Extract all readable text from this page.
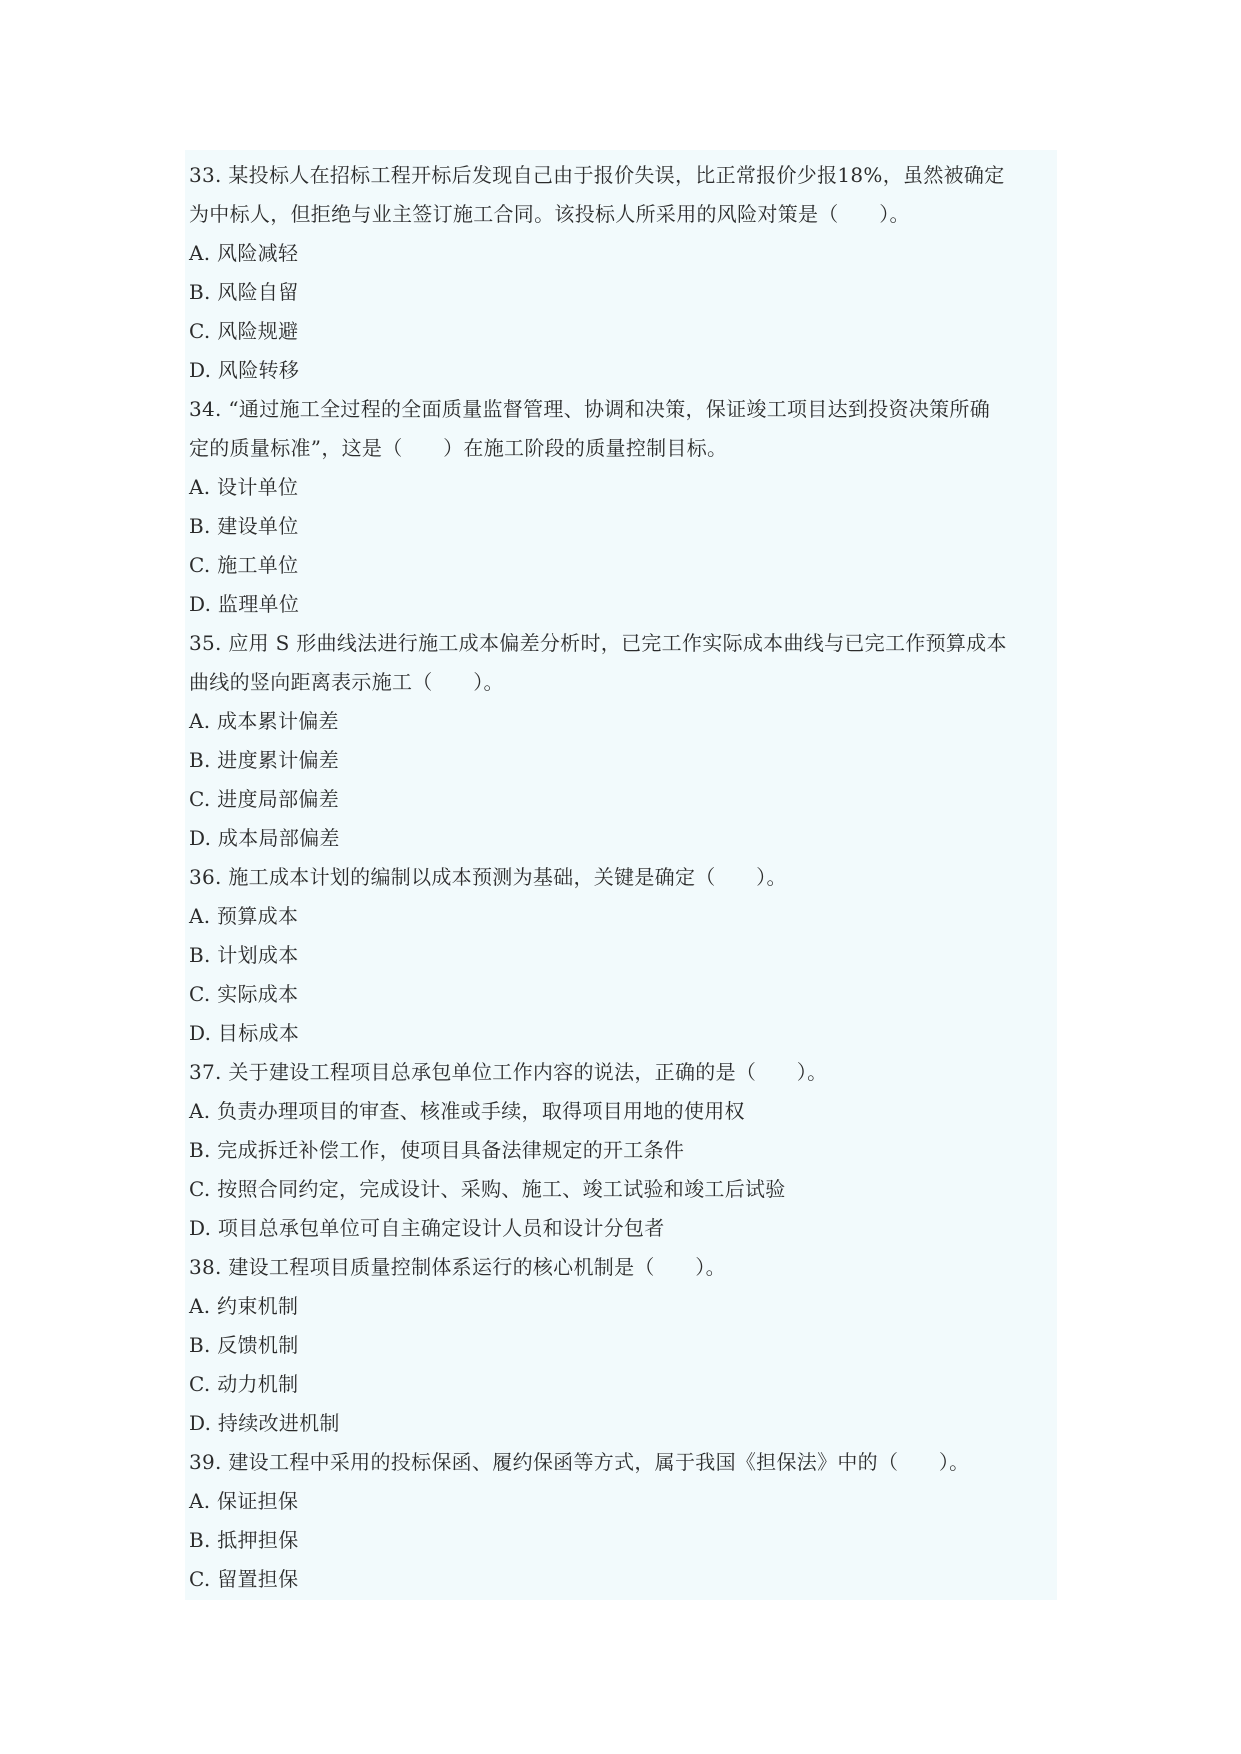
33. 某投标人在招标工程开标后发现自己由于报价失误，比正常报价少报18%，虽然被确定
为中标人，但拒绝与业主签订施工合同。该投标人所采用的风险对策是（　　）。
A. 风险减轻
B. 风险自留
C. 风险规避
D. 风险转移
34. “通过施工全过程的全面质量监督管理、协调和决策，保证竣工项目达到投资决策所确
定的质量标准”，这是（　　）在施工阶段的质量控制目标。
A. 设计单位
B. 建设单位
C. 施工单位
D. 监理单位
35. 应用 S 形曲线法进行施工成本偏差分析时，已完工作实际成本曲线与已完工作预算成本
曲线的竖向距离表示施工（　　）。
A. 成本累计偏差
B. 进度累计偏差
C. 进度局部偏差
D. 成本局部偏差
36. 施工成本计划的编制以成本预测为基础，关键是确定（　　）。
A. 预算成本
B. 计划成本
C. 实际成本
D. 目标成本
37. 关于建设工程项目总承包单位工作内容的说法，正确的是（　　）。
A. 负责办理项目的审查、核准或手续，取得项目用地的使用权
B. 完成拆迁补偿工作，使项目具备法律规定的开工条件
C. 按照合同约定，完成设计、采购、施工、竣工试验和竣工后试验
D. 项目总承包单位可自主确定设计人员和设计分包者
38. 建设工程项目质量控制体系运行的核心机制是（　　）。
A. 约束机制
B. 反馈机制
C. 动力机制
D. 持续改进机制
39. 建设工程中采用的投标保函、履约保函等方式，属于我国《担保法》中的（　　）。
A. 保证担保
B. 抵押担保
C. 留置担保
